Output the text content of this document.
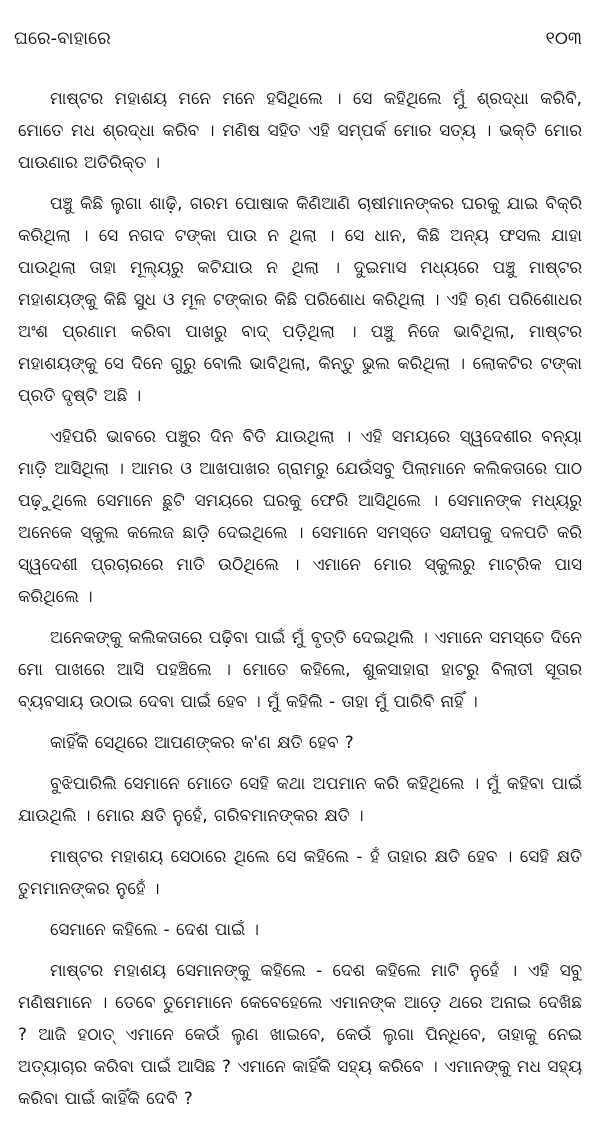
ଘରେ-ବାହାରେ	୧୦୩

ମାଷ୍ଟର ମହାଶୟ ମନେ ମନେ ହସିଥିଲେ । ସେ କହିଥିଲେ ମୁଁ ଶ୍ରଦ୍ଧା କରିବି, ମୋତେ ମଧ ଶ୍ରଦ୍ଧା କରିବ । ମଣିଷ ସହିତ ଏହି ସମ୍ପର୍କ ମୋର ସତ୍ୟ । ଭକ୍ତି ମୋର ପାଉଣାର ଅତିରିକ୍ତ ।

ପଞ୍ଚୁ କିଛି ଲୁଗା ଶାଢ଼ି, ଗରମ ପୋଷାକ କିଣିଆଣି ଚାଷୀମାନଙ୍କର ଘରକୁ ଯାଇ ବିକ୍ରି କରିଥିଲା । ସେ ନଗଦ ଟଙ୍କା ପାଉ ନ ଥିଲା । ସେ ଧାନ, କିଛି ଅନ୍ୟ ଫସଲ ଯାହା ପାଉଥିଲା ତାହା ମୂଲ୍ୟରୁ କଟିଯାଉ ନ ଥିଲା । ଦୁଇମାସ ମଧ୍ୟରେ ପଞ୍ଚୁ ମାଷ୍ଟର ମହାଶୟଙ୍କୁ କିଛି ସୁଧ ଓ ମୂଳ ଟଙ୍କାର କିଛି ପରିଶୋଧ କରିଥିଲା । ଏହି ଋଣ ପରିଶୋଧର ଅଂଶ ପ୍ରଣାମ କରିବା ପାଖରୁ ବାଦ୍ ପଡ଼ିଥିଲା । ପଞ୍ଚୁ ନିଜେ ଭାବିଥିଲା, ମାଷ୍ଟର ମହାଶୟଙ୍କୁ ସେ ଦିନେ ଗୁରୁ ବୋଲି ଭାବିଥିଲା, କିନ୍ତୁ ଭୁଲ କରିଥିଲା । ଲୋକଟିର ଟଙ୍କା ପ୍ରତି ଦୃଷ୍ଟି ଅଛି ।

ଏହିପରି ଭାବରେ ପଞ୍ଚୁର ଦିନ ବିତି ଯାଉଥିଲା । ଏହି ସମୟରେ ସ୍ୱଦେଶୀର ବନ୍ୟା ମାଡ଼ି ଆସିଥିଲା । ଆମର ଓ ଆଖପାଖର ଗ୍ରାମରୁ ଯେଉଁସବୁ ପିଲାମାନେ କଲିକତାରେ ପାଠ ପଢ଼ୁଥିଲେ ସେମାନେ ଛୁଟି ସମୟରେ ଘରକୁ ଫେରି ଆସିଥିଲେ । ସେମାନଙ୍କ ମଧ୍ୟରୁ ଅନେକେ ସ୍କୁଲ କଲେଜ ଛାଡ଼ି ଦେଇଥିଲେ । ସେମାନେ ସମସ୍ତେ ସନ୍ଦୀପକୁ ଦଳପତି କରି ସ୍ୱଦେଶୀ ପ୍ରଚାରରେ ମାତି ଉଠିଥିଲେ । ଏମାନେ ମୋର ସ୍କୁଲରୁ ମାଟ୍ରିକ ପାସ କରିଥିଲେ ।

ଅନେକଙ୍କୁ କଲିକତାରେ ପଢ଼ିବା ପାଇଁ ମୁଁ ବୃତ୍ତି ଦେଇଥିଲି । ଏମାନେ ସମସ୍ତେ ଦିନେ ମୋ ପାଖରେ ଆସି ପହଞ୍ଚିଲେ । ମୋତେ କହିଲେ, ଶୁକସାହାରା ହାଟରୁ ବିଲାତୀ ସୂତାର ବ୍ୟବସାୟ ଉଠାଇ ଦେବା ପାଇଁ ହେବ । ମୁଁ କହିଲି - ତାହା ମୁଁ ପାରିବି ନାହିଁ ।

କାହିଁକି ସେଥିରେ ଆପଣଙ୍କର କ'ଣ କ୍ଷତି ହେବ ?

ବୁଝିପାରିଲି ସେମାନେ ମୋତେ ସେହି କଥା ଅପମାନ କରି କହିଥିଲେ । ମୁଁ କହିବା ପାଇଁ ଯାଉଥିଲି । ମୋର କ୍ଷତି ନୁହେଁ, ଗରିବମାନଙ୍କର କ୍ଷତି ।

ମାଷ୍ଟର ମହାଶୟ ସେଠାରେ ଥିଲେ ସେ କହିଲେ - ହଁ ତାହାର କ୍ଷତି ହେବ । ସେହି କ୍ଷତି ତୁମମାନଙ୍କର ନୁହେଁ ।

ସେମାନେ କହିଲେ - ଦେଶ ପାଇଁ ।

ମାଷ୍ଟର ମହାଶୟ ସେମାନଙ୍କୁ କହିଲେ - ଦେଶ କହିଲେ ମାଟି ନୁହେଁ । ଏହି ସବୁ ମଣିଷମାନେ । ତେବେ ତୁମେମାନେ କେବେହେଲେ ଏମାନଙ୍କ ଆଡ଼େ ଥରେ ଅନାଇ ଦେଖିଛ ? ଆଜି ହଠାତ୍ ଏମାନେ କେଉଁ ଲୁଣ ଖାଇବେ, କେଉଁ ଲୁଗା ପିନ୍ଧିବେ, ତାହାକୁ ନେଇ ଅତ୍ୟାଚାର କରିବା ପାଇଁ ଆସିଛ ? ଏମାନେ କାହିଁକି ସହ୍ୟ କରିବେ । ଏମାନଙ୍କୁ ମଧ ସହ୍ୟ କରିବା ପାଇଁ କାହିଁକି ଦେବି ?
